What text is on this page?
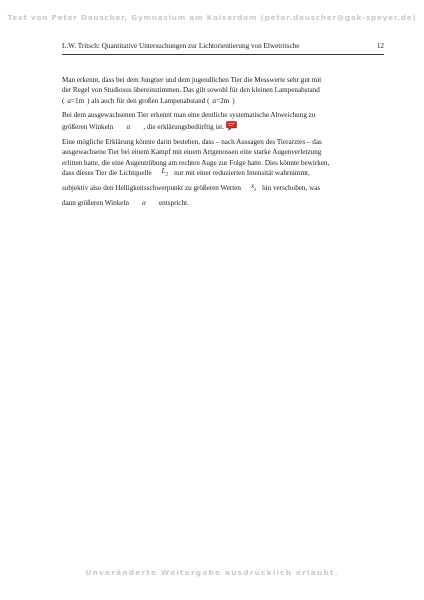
Text von Peter Dauscher, Gymnasium am Kaiserdom (peter.dauscher@gak-speyer.de)
L.W. Tritsch: Quantitative Untersuchungen zur Lichtorientierung von Elwetritsche	12

Man erkennt, dass bei dem Jungtier und dem jugendlichen Tier die Messwerte sehr gut mit
der Regel von Studiosus übereinstimmen. Das gilt sowohl für den kleinen Lampenabstand
( a=1m ) als auch für den großen Lampenabstand ( a=2m )

Bei dem ausgewachsenen Tier erkennt man eine deutliche systematische Abweichung zu
größeren Winkeln α , die erklärungsbedürftig ist.

Eine mögliche Erklärung könnte darin bestehen, dass – nach Aussagen des Tierarztes – das
ausgewachsene Tier bei einem Kampf mit einem Artgenossen eine starke Augenverletzung
erlitten hatte, die eine Augentrübung am rechten Auge zur Folge hatte. Dies könnte bewirken,
dass dieses Tier die Lichtquelle $L_2$ nur mit einer reduzierten Intensität wahrnimmt,
subjektiv also den Helligkeitsschwerpunkt zu größeren Werten $x_s$ hin verschoben, was
dann größeren Winkeln α entspricht.

Unveränderte Weitergabe ausdrücklich erlaubt.
